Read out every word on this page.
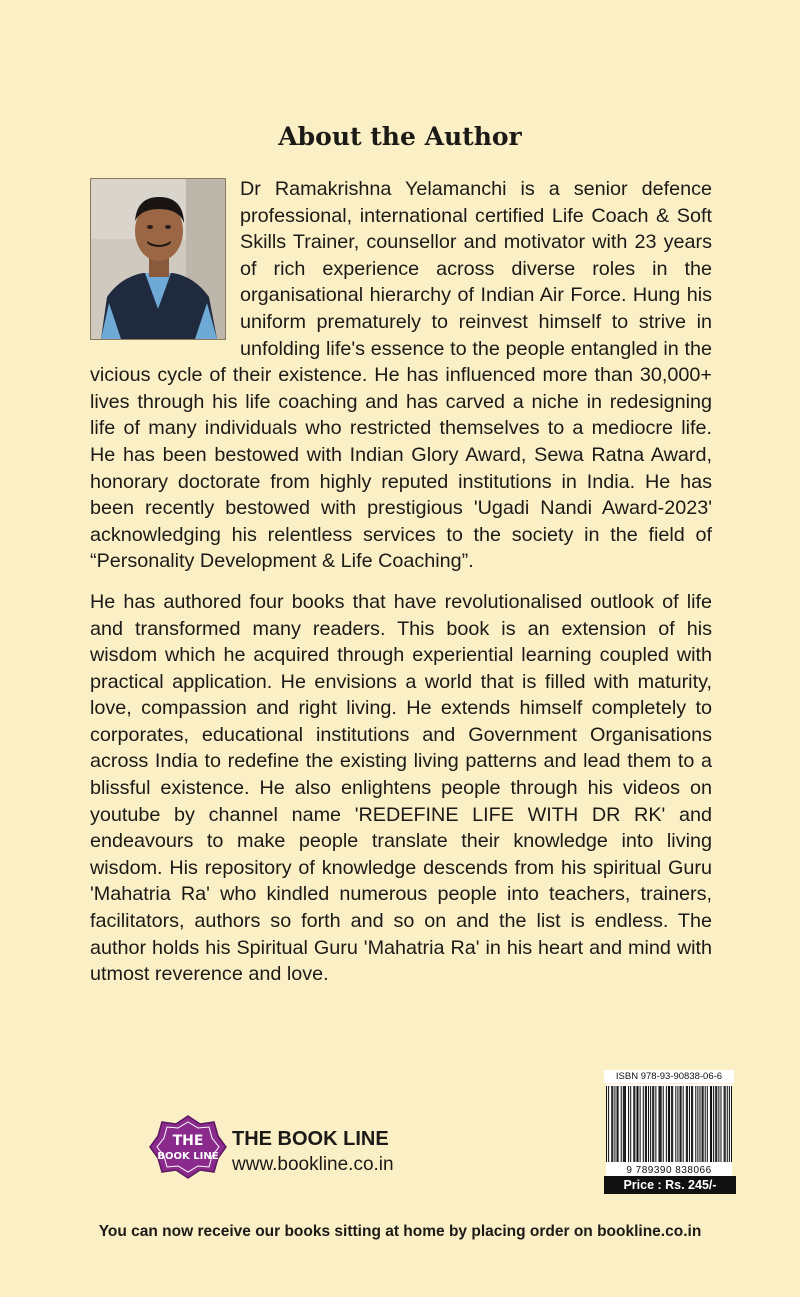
About the Author

Dr Ramakrishna Yelamanchi is a senior defence professional, international certified Life Coach & Soft Skills Trainer, counsellor and motivator with 23 years of rich experience across diverse roles in the organisational hierarchy of Indian Air Force. Hung his uniform prematurely to reinvest himself to strive in unfolding life's essence to the people entangled in the vicious cycle of their existence. He has influenced more than 30,000+ lives through his life coaching and has carved a niche in redesigning life of many individuals who restricted themselves to a mediocre life. He has been bestowed with Indian Glory Award, Sewa Ratna Award, honorary doctorate from highly reputed institutions in India. He has been recently bestowed with prestigious 'Ugadi Nandi Award-2023' acknowledging his relentless services to the society in the field of “Personality Development & Life Coaching”.

He has authored four books that have revolutionalised outlook of life and transformed many readers. This book is an extension of his wisdom which he acquired through experiential learning coupled with practical application. He envisions a world that is filled with maturity, love, compassion and right living. He extends himself completely to corporates, educational institutions and Government Organisations across India to redefine the existing living patterns and lead them to a blissful existence. He also enlightens people through his videos on youtube by channel name 'REDEFINE LIFE WITH DR RK' and endeavours to make people translate their knowledge into living wisdom. His repository of knowledge descends from his spiritual Guru 'Mahatria Ra' who kindled numerous people into teachers, trainers, facilitators, authors so forth and so on and the list is endless. The author holds his Spiritual Guru 'Mahatria Ra' in his heart and mind with utmost reverence and love.

THE
BOOK LINE
THE BOOK LINE
www.bookline.co.in
ISBN 978-93-90838-06-6
9 789390 838066
Price : Rs. 245/-
You can now receive our books sitting at home by placing order on bookline.co.in
